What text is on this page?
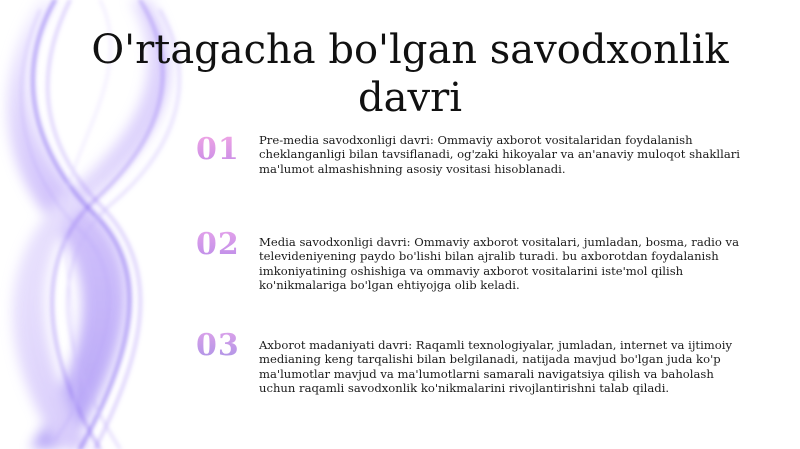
O'rtagacha bo'lgan savodxonlik davri
01	Pre-media savodxonligi davri: Ommaviy axborot vositalaridan foydalanish cheklanganligi bilan tavsiflanadi, og'zaki hikoyalar va an'anaviy muloqot shakllari ma'lumot almashishning asosiy vositasi hisoblanadi.
02	Media savodxonligi davri: Ommaviy axborot vositalari, jumladan, bosma, radio va televideniyening paydo bo'lishi bilan ajralib turadi. bu axborotdan foydalanish imkoniyatining oshishiga va ommaviy axborot vositalarini iste'mol qilish ko'nikmalariga bo'lgan ehtiyojga olib keladi.
03	Axborot madaniyati davri: Raqamli texnologiyalar, jumladan, internet va ijtimoiy medianing keng tarqalishi bilan belgilanadi, natijada mavjud bo'lgan juda ko'p ma'lumotlar mavjud va ma'lumotlarni samarali navigatsiya qilish va baholash uchun raqamli savodxonlik ko'nikmalarini rivojlantirishni talab qiladi.
